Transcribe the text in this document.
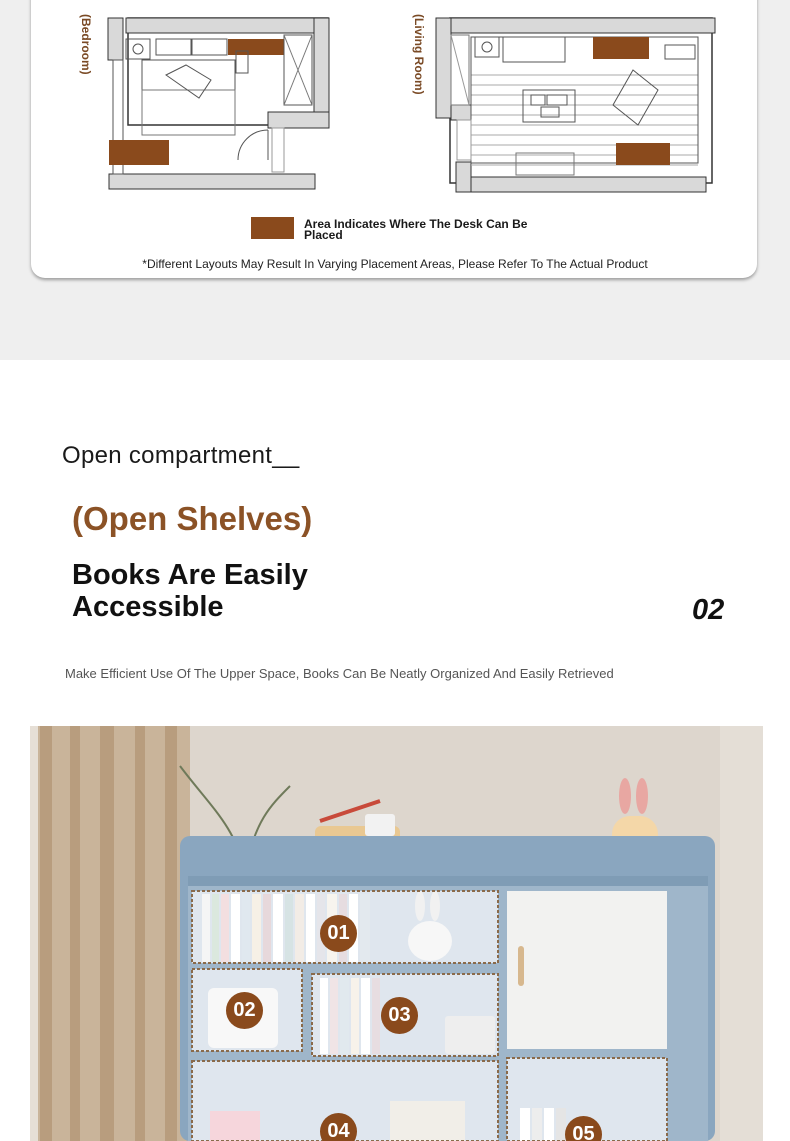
(Bedroom)	(Living Room)
Area Indicates Where The Desk Can Be Placed
*Different Layouts May Result In Varying Placement Areas, Please Refer To The Actual Product
Open compartment__
(Open Shelves)
Books Are Easily Accessible	02
Make Efficient Use Of The Upper Space, Books Can Be Neatly Organized And Easily Retrieved
01
02	03
04	05
